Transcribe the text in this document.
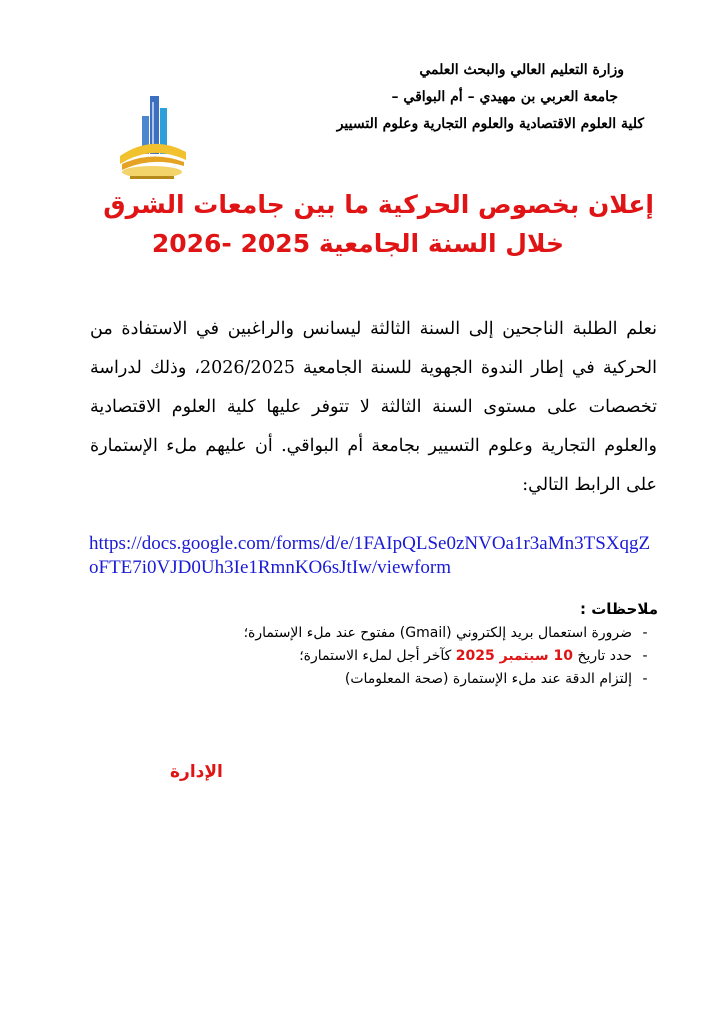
وزارة التعليم العالي والبحث العلمي
جامعة العربي بن مهيدي – أم البواقي –
كلية العلوم الاقتصادية والعلوم التجارية وعلوم التسيير
إعلان بخصوص الحركية ما بين جامعات الشرق
خلال السنة الجامعية 2025 -2026
نعلم الطلبة الناجحين إلى السنة الثالثة ليسانس والراغبين في الاستفادة من الحركية في إطار الندوة الجهوية للسنة الجامعية 2026/2025، وذلك لدراسة تخصصات على مستوى السنة الثالثة لا تتوفر عليها كلية العلوم الاقتصادية والعلوم التجارية وعلوم التسيير بجامعة أم البواقي. أن عليهم ملء الإستمارة على الرابط التالي:
https://docs.google.com/forms/d/e/1FAIpQLSe0zNVOa1r3aMn3TSXqgZoFTE7i0VJD0Uh3Ie1RmnKO6sJtIw/viewform
ملاحظات :
-
ضرورة استعمال بريد إلكتروني (Gmail) مفتوح عند ملء الإستمارة؛
-
حدد تاريخ 10 سبتمبر 2025 كآخر أجل لملء الاستمارة؛
-
إلتزام الدقة عند ملء الإستمارة (صحة المعلومات)
الإدارة
